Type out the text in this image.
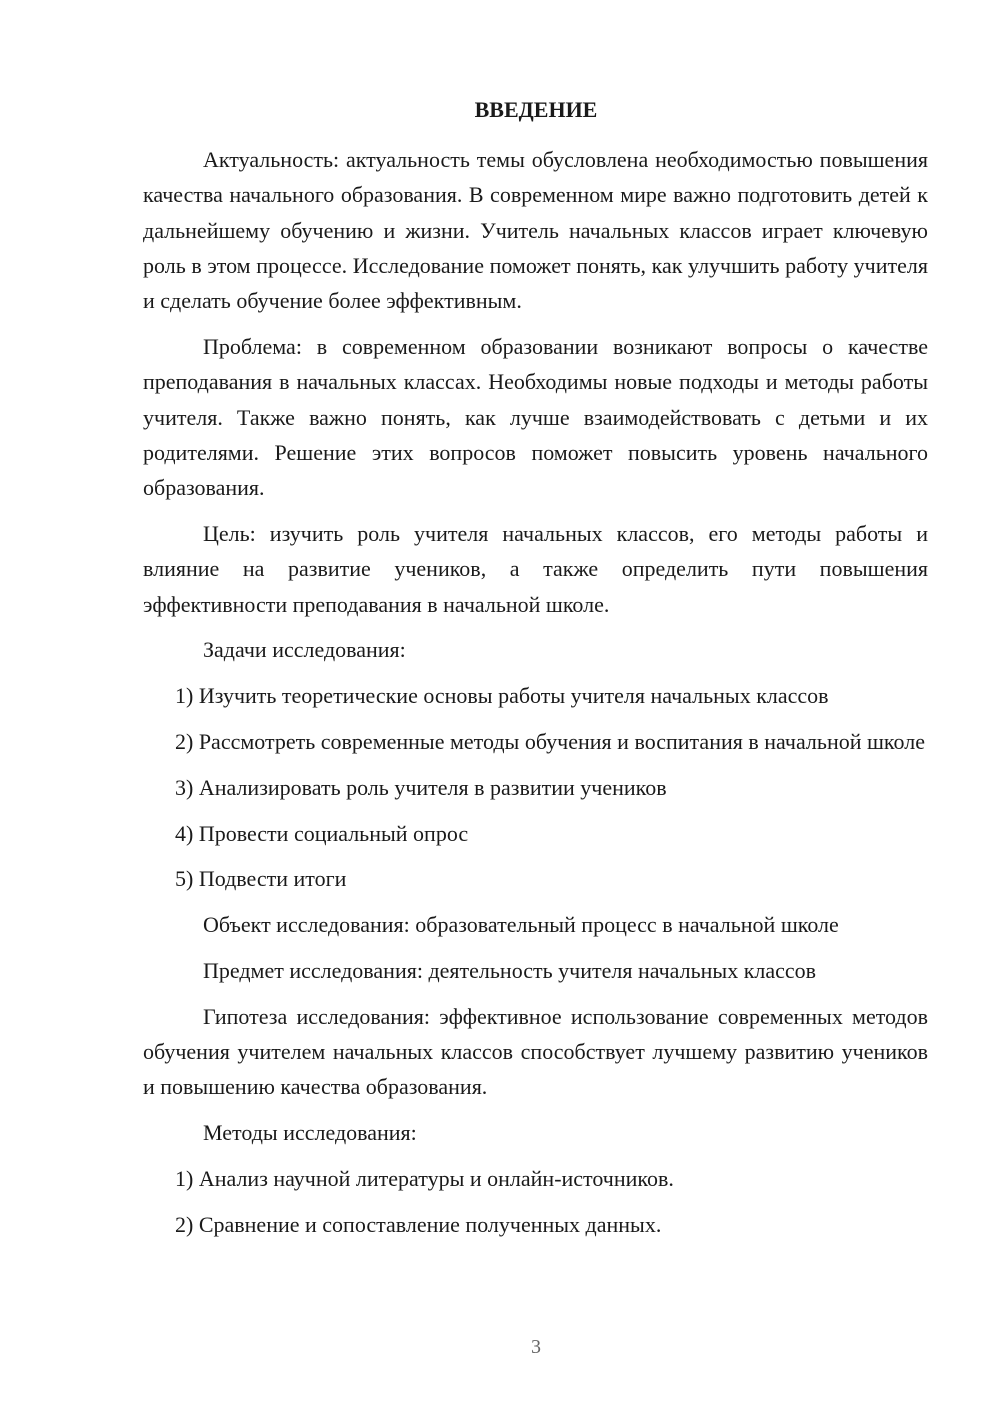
ВВЕДЕНИЕ

Актуальность: актуальность темы обусловлена необходимостью повышения качества начального образования. В современном мире важно подготовить детей к дальнейшему обучению и жизни. Учитель начальных классов играет ключевую роль в этом процессе. Исследование поможет понять, как улучшить работу учителя и сделать обучение более эффективным.

Проблема: в современном образовании возникают вопросы о качестве преподавания в начальных классах. Необходимы новые подходы и методы работы учителя. Также важно понять, как лучше взаимодействовать с детьми и их родителями. Решение этих вопросов поможет повысить уровень начального образования.

Цель: изучить роль учителя начальных классов, его методы работы и влияние на развитие учеников, а также определить пути повышения эффективности преподавания в начальной школе.

Задачи исследования:

1) Изучить теоретические основы работы учителя начальных классов

2) Рассмотреть современные методы обучения и воспитания в начальной школе

3) Анализировать роль учителя в развитии учеников

4) Провести социальный опрос

5) Подвести итоги

Объект исследования: образовательный процесс в начальной школе

Предмет исследования: деятельность учителя начальных классов

Гипотеза исследования: эффективное использование современных методов обучения учителем начальных классов способствует лучшему развитию учеников и повышению качества образования.

Методы исследования:

1) Анализ научной литературы и онлайн-источников.

2) Сравнение и сопоставление полученных данных.

3
